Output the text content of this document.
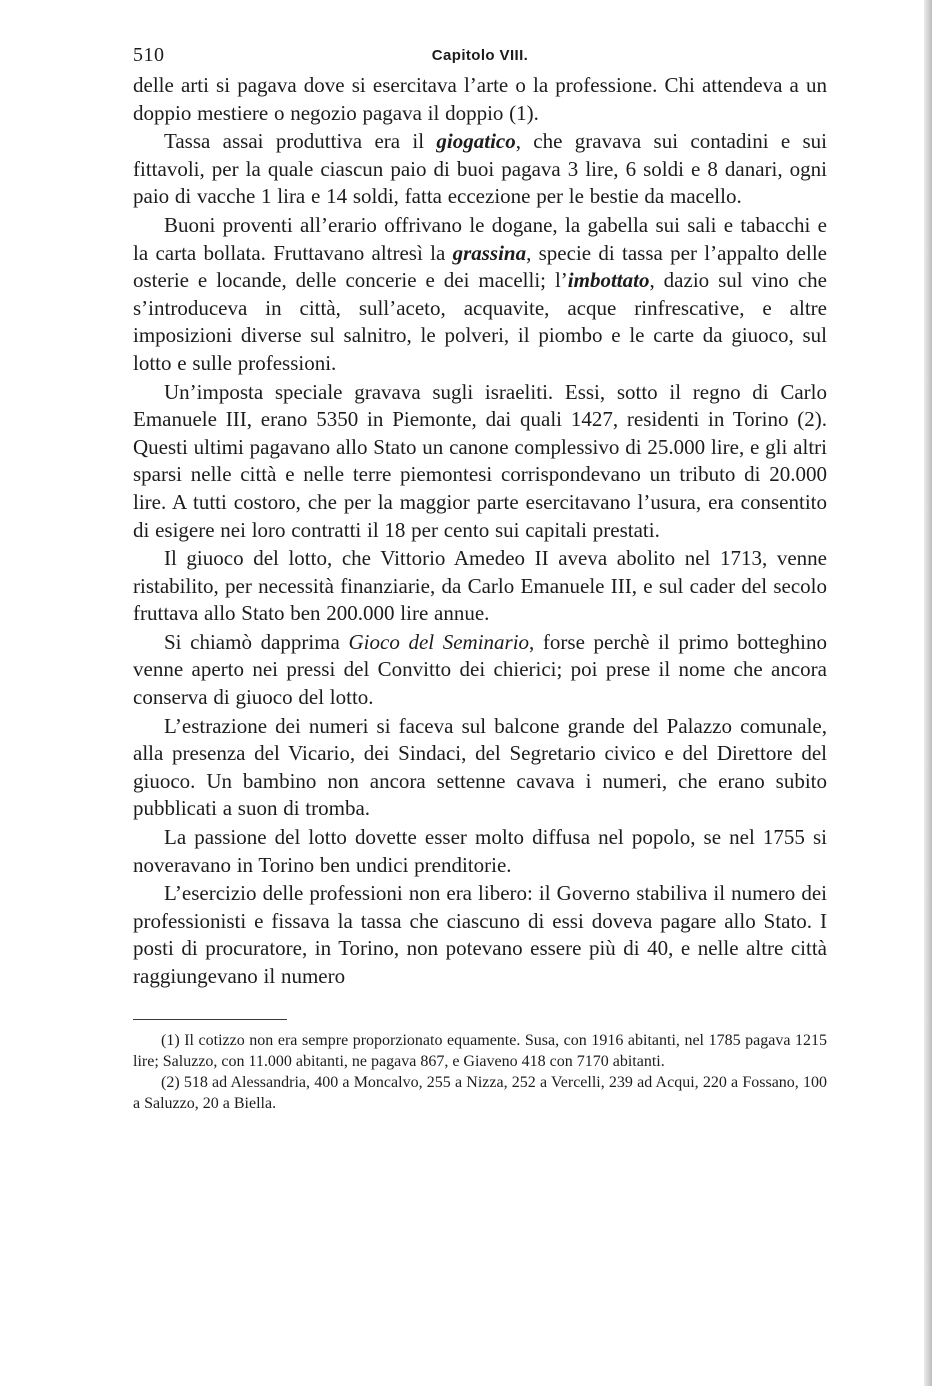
510	Capitolo VIII.

delle arti si pagava dove si esercitava l’arte o la professione. Chi attendeva a un doppio mestiere o negozio pagava il doppio (1).

Tassa assai produttiva era il giogatico, che gravava sui contadini e sui fittavoli, per la quale ciascun paio di buoi pagava 3 lire, 6 soldi e 8 danari, ogni paio di vacche 1 lira e 14 soldi, fatta eccezione per le bestie da macello.

Buoni proventi all’erario offrivano le dogane, la gabella sui sali e tabacchi e la carta bollata. Fruttavano altresì la grassina, specie di tassa per l’appalto delle osterie e locande, delle concerie e dei macelli; l’imbottato, dazio sul vino che s’introduceva in città, sull’aceto, acquavite, acque rinfrescative, e altre imposizioni diverse sul salnitro, le polveri, il piombo e le carte da giuoco, sul lotto e sulle professioni.

Un’imposta speciale gravava sugli israeliti. Essi, sotto il regno di Carlo Emanuele III, erano 5350 in Piemonte, dai quali 1427, residenti in Torino (2). Questi ultimi pagavano allo Stato un canone complessivo di 25.000 lire, e gli altri sparsi nelle città e nelle terre piemontesi corrispondevano un tributo di 20.000 lire. A tutti costoro, che per la maggior parte esercitavano l’usura, era consentito di esigere nei loro contratti il 18 per cento sui capitali prestati.

Il giuoco del lotto, che Vittorio Amedeo II aveva abolito nel 1713, venne ristabilito, per necessità finanziarie, da Carlo Emanuele III, e sul cader del secolo fruttava allo Stato ben 200.000 lire annue.

Si chiamò dapprima Gioco del Seminario, forse perchè il primo botteghino venne aperto nei pressi del Convitto dei chierici; poi prese il nome che ancora conserva di giuoco del lotto.

L’estrazione dei numeri si faceva sul balcone grande del Palazzo comunale, alla presenza del Vicario, dei Sindaci, del Segretario civico e del Direttore del giuoco. Un bambino non ancora settenne cavava i numeri, che erano subito pubblicati a suon di tromba.

La passione del lotto dovette esser molto diffusa nel popolo, se nel 1755 si noveravano in Torino ben undici prenditorie.

L’esercizio delle professioni non era libero: il Governo stabiliva il numero dei professionisti e fissava la tassa che ciascuno di essi doveva pagare allo Stato. I posti di procuratore, in Torino, non potevano essere più di 40, e nelle altre città raggiungevano il numero

(1) Il cotizzo non era sempre proporzionato equamente. Susa, con 1916 abitanti, nel 1785 pagava 1215 lire; Saluzzo, con 11.000 abitanti, ne pagava 867, e Giaveno 418 con 7170 abitanti.

(2) 518 ad Alessandria, 400 a Moncalvo, 255 a Nizza, 252 a Vercelli, 239 ad Acqui, 220 a Fossano, 100 a Saluzzo, 20 a Biella.
